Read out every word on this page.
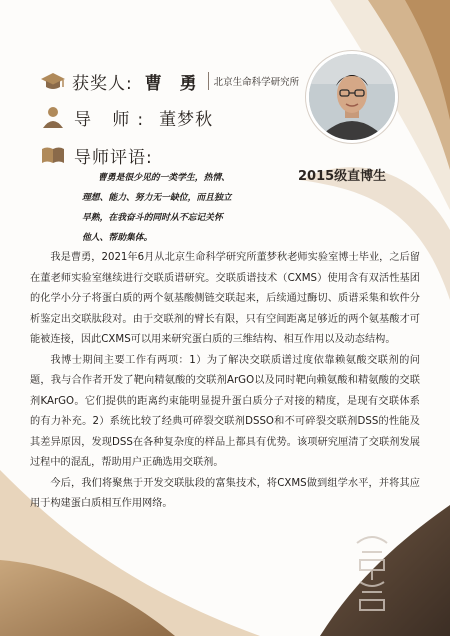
获奖人: 曹 勇 北京生命科学研究所
导 师: 董梦秋
导师评语:
曹勇是很少见的一类学生，热情、
理想、能力、努力无一缺位，而且独立
早熟，在我奋斗的同时从不忘记关怀
他人、帮助集体。
2015级直博生

我是曹勇，2021年6月从北京生命科学研究所董梦秋老师实验室博士毕业，之后留在董老师实验室继续进行交联质谱研究。交联质谱技术（CXMS）使用含有双活性基团的化学小分子将蛋白质的两个氨基酸侧链交联起来，后续通过酶切、质谱采集和软件分析鉴定出交联肽段对。由于交联剂的臂长有限，只有空间距离足够近的两个氨基酸才可能被连接，因此CXMS可以用来研究蛋白质的三维结构、相互作用以及动态结构。

我博士期间主要工作有两项：1）为了解决交联质谱过度依靠赖氨酸交联剂的问题，我与合作者开发了靶向精氨酸的交联剂ArGO以及同时靶向赖氨酸和精氨酸的交联剂KArGO。它们提供的距离约束能明显提升蛋白质分子对接的精度，是现有交联体系的有力补充。2）系统比较了经典可碎裂交联剂DSSO和不可碎裂交联剂DSS的性能及其差异原因，发现DSS在各种复杂度的样品上都具有优势。该项研究厘清了交联剂发展过程中的混乱，帮助用户正确选用交联剂。

今后，我们将聚焦于开发交联肽段的富集技术，将CXMS做到组学水平，并将其应用于构建蛋白质相互作用网络。
